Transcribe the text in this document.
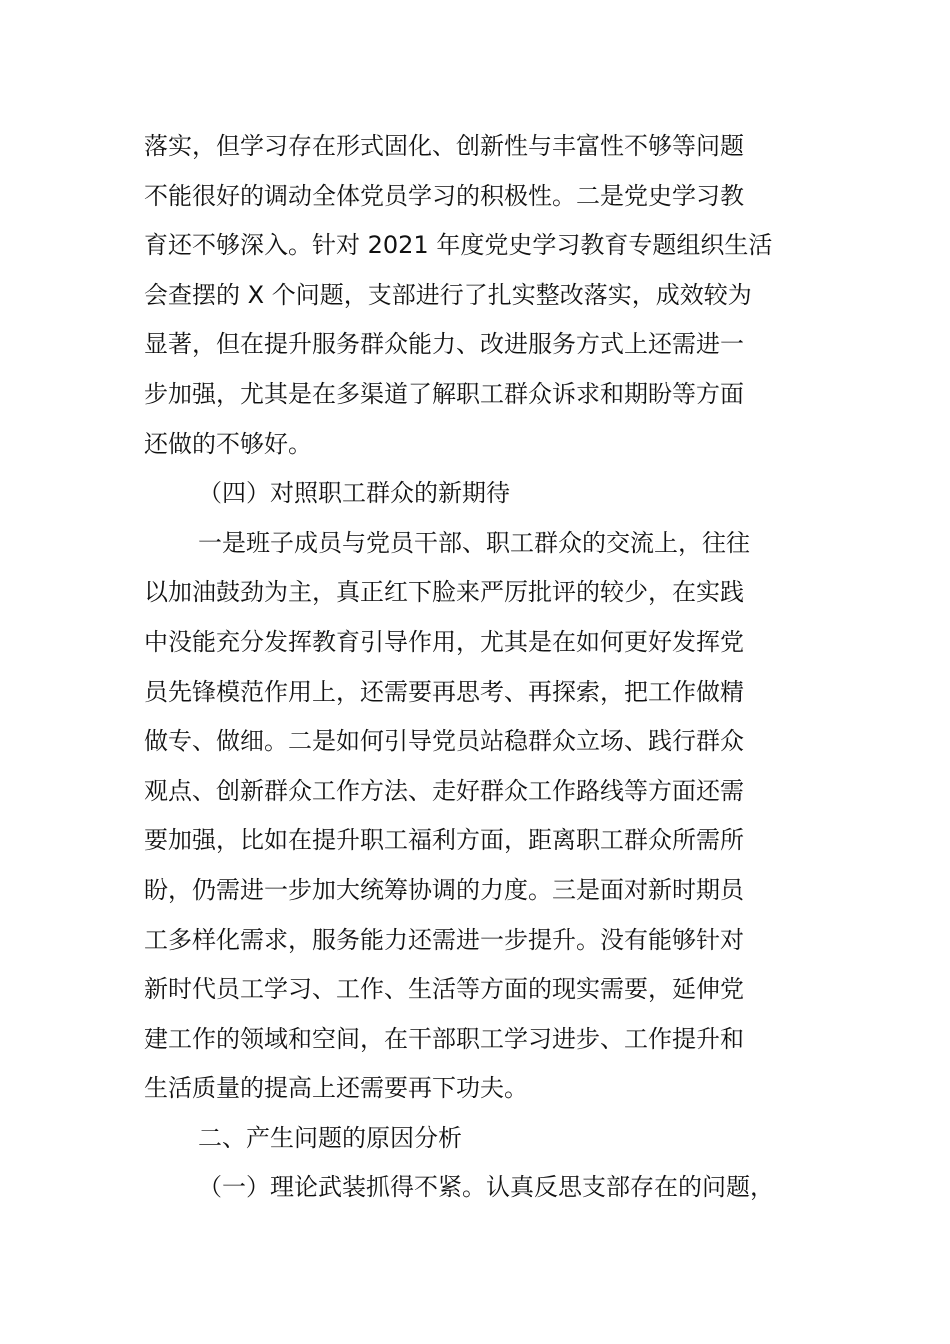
落实，但学习存在形式固化、创新性与丰富性不够等问题
不能很好的调动全体党员学习的积极性。二是党史学习教
育还不够深入。针对 2021 年度党史学习教育专题组织生活
会查摆的 X 个问题，支部进行了扎实整改落实，成效较为
显著，但在提升服务群众能力、改进服务方式上还需进一
步加强，尤其是在多渠道了解职工群众诉求和期盼等方面
还做的不够好。
（四）对照职工群众的新期待
一是班子成员与党员干部、职工群众的交流上，往往
以加油鼓劲为主，真正红下脸来严厉批评的较少，在实践
中没能充分发挥教育引导作用，尤其是在如何更好发挥党
员先锋模范作用上，还需要再思考、再探索，把工作做精
做专、做细。二是如何引导党员站稳群众立场、践行群众
观点、创新群众工作方法、走好群众工作路线等方面还需
要加强，比如在提升职工福利方面，距离职工群众所需所
盼，仍需进一步加大统筹协调的力度。三是面对新时期员
工多样化需求，服务能力还需进一步提升。没有能够针对
新时代员工学习、工作、生活等方面的现实需要，延伸党
建工作的领域和空间，在干部职工学习进步、工作提升和
生活质量的提高上还需要再下功夫。
二、产生问题的原因分析
（一）理论武装抓得不紧。认真反思支部存在的问题，
